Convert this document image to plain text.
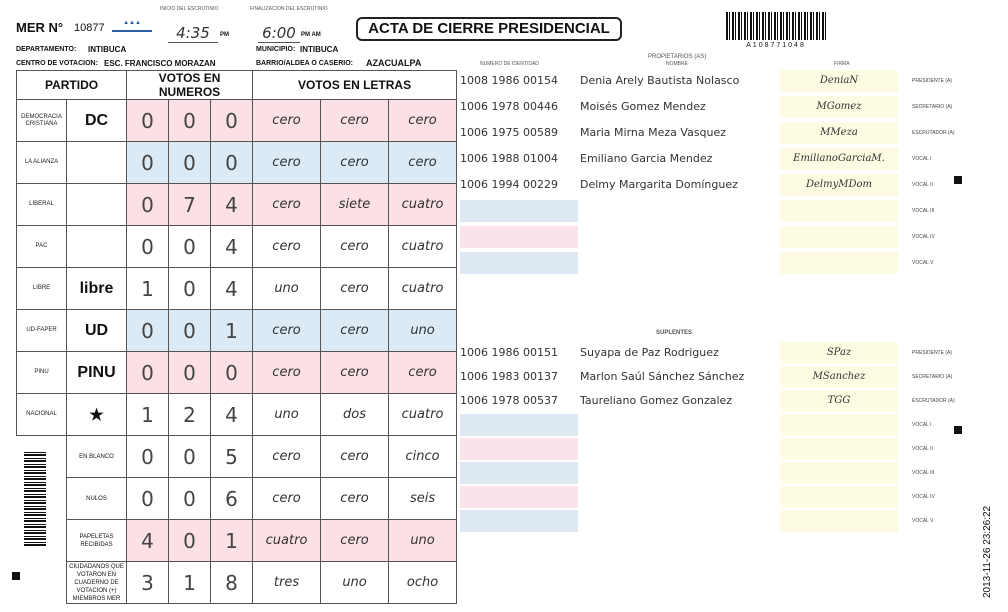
MER N° 10877	▲▲▲
INICIO DEL ESCRUTINIO
4:35	PM
FINALIZACION DEL ESCRUTINIO
6:00 PM AM	ACTA DE CIERRE PRESIDENCIAL
A108771048
DEPARTAMENTO: INTIBUCA	MUNICIPIO: INTIBUCA
CENTRO DE VOTACION: ESC. FRANCISCO MORAZAN	BARRIO/ALDEA O CASERIO: AZACUALPA
PROPIETARIOS (AS)
NOMBRE
NUMERO DE IDENTIDAD	FIRMA
PARTIDO		VOTOS EN NUMEROS			VOTOS EN LETRAS		
DEMOCRACIA CRISTIANA	DC	0	0	0	cero	cero	cero
LA ALIANZA		0	0	0	cero	cero	cero
LIBERAL		0	7	4	cero	siete	cuatro
PAC		0	0	4	cero	cero	cuatro
LIBRE	libre	1	0	4	uno	cero	cuatro
UD-FAPER	UD	0	0	1	cero	cero	uno
PINU	PINU	0	0	0	cero	cero	cero
NACIONAL	★	1	2	4	uno	dos	cuatro
	EN BLANCO	0	0	5	cero	cero	cinco
	NULOS	0	0	6	cero	cero	seis
	PAPELETAS RECIBIDAS	4	0	1	cuatro	cero	uno
	CIUDADANOS QUE VOTARON EN CUADERNO DE VOTACION (+) MIEMBROS MER	3	1	8	tres	uno	ocho
1008 1986 00154	Denia Arely Bautista Nolasco	DeniaN	PRESIDENTE (A)
1006 1978 00446	Moisés Gomez Mendez	MGomez	SECRETARIO (A)
1006 1975 00589	Maria Mirna Meza Vasquez	MMeza	ESCRUTADOR (A)
1006 1988 01004	Emiliano Garcia Mendez	EmilianoGarciaM.	VOCAL I
1006 1994 00229	Delmy Margarita Domínguez	DelmyMDom	VOCAL II
VOCAL III
VOCAL IV
VOCAL V
SUPLENTES
1006 1986 00151	Suyapa de Paz Rodriguez	SPaz	PRESIDENTE (A)
1006 1983 00137	Marlon Saúl Sánchez Sánchez	MSanchez	SECRETARIO (A)
1006 1978 00537	Taureliano Gomez Gonzalez	TGG	ESCRUTADOR (A)
VOCAL I
VOCAL II
VOCAL III
VOCAL IV
VOCAL V	2013-11-26 23:26:22
